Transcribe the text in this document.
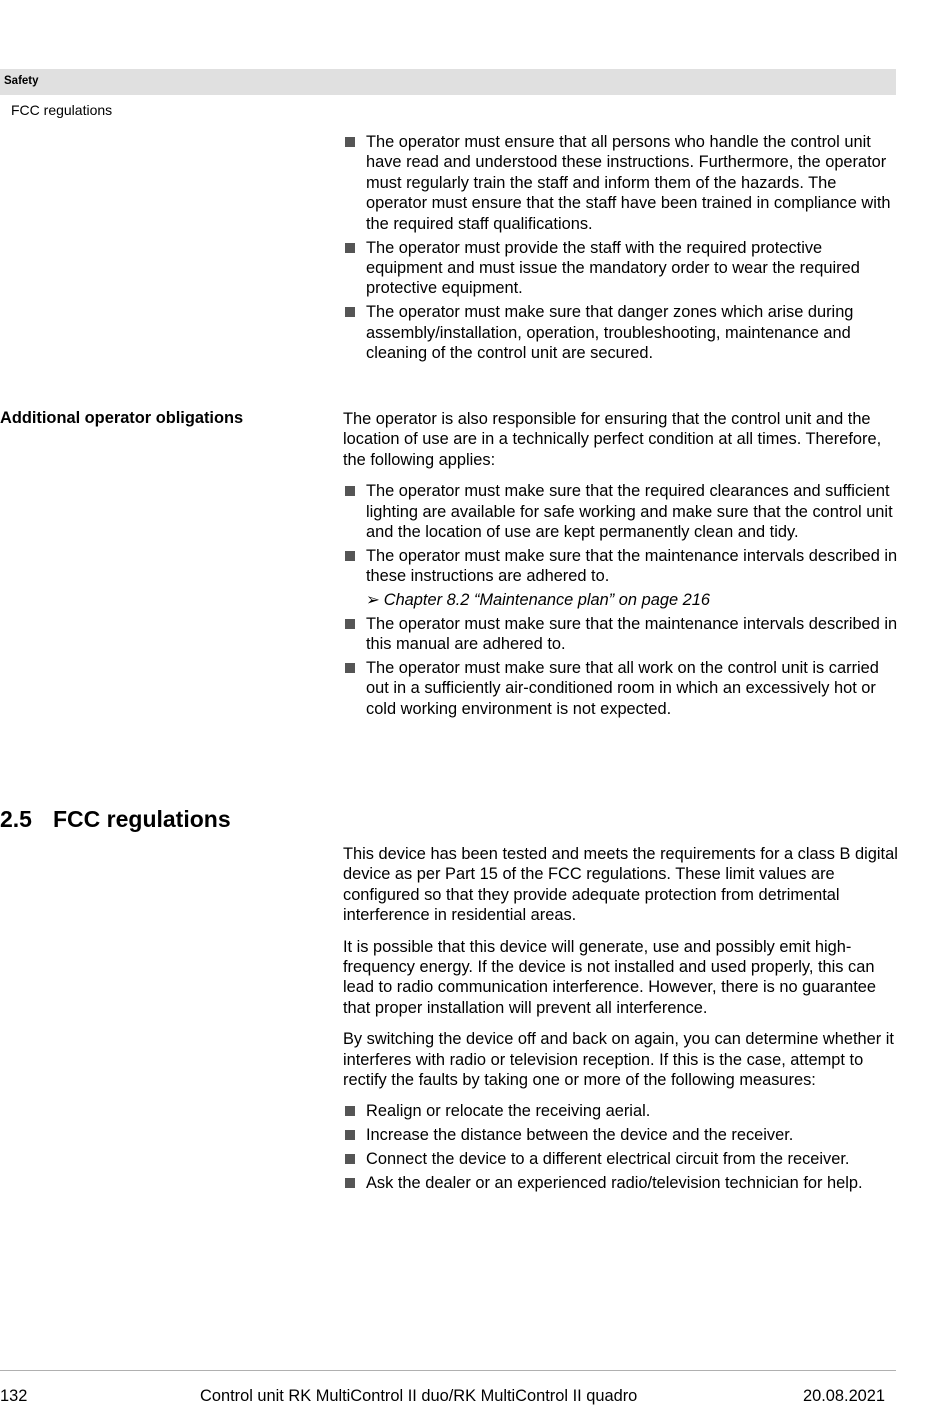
Safety
FCC regulations
The operator must ensure that all persons who handle the control unit have read and understood these instructions. Furthermore, the operator must regularly train the staff and inform them of the hazards. The operator must ensure that the staff have been trained in compliance with the required staff qualifications.
The operator must provide the staff with the required protective equipment and must issue the mandatory order to wear the required protective equipment.
The operator must make sure that danger zones which arise during assembly/installation, operation, troubleshooting, maintenance and cleaning of the control unit are secured.
Additional operator obligations	The operator is also responsible for ensuring that the control unit and the location of use are in a technically perfect condition at all times. Therefore, the following applies:

The operator must make sure that the required clearances and sufficient lighting are available for safe working and make sure that the control unit and the location of use are kept permanently clean and tidy.
The operator must make sure that the maintenance intervals described in these instructions are adhered to.
➢ Chapter 8.2 “Maintenance plan” on page 216
The operator must make sure that the maintenance intervals described in this manual are adhered to.
The operator must make sure that all work on the control unit is carried out in a sufficiently air-conditioned room in which an excessively hot or cold working environment is not expected.
2.5 FCC regulations

This device has been tested and meets the requirements for a class B digital device as per Part 15 of the FCC regulations. These limit values are configured so that they provide adequate protection from detrimental interference in residential areas.

It is possible that this device will generate, use and possibly emit high-frequency energy. If the device is not installed and used properly, this can lead to radio communication interference. However, there is no guarantee that proper installation will prevent all interference.

By switching the device off and back on again, you can determine whether it interferes with radio or television reception. If this is the case, attempt to rectify the faults by taking one or more of the following measures:

Realign or relocate the receiving aerial.
Increase the distance between the device and the receiver.
Connect the device to a different electrical circuit from the receiver.
Ask the dealer or an experienced radio/television technician for help.
132	Control unit RK MultiControl II duo/RK MultiControl II quadro	20.08.2021
